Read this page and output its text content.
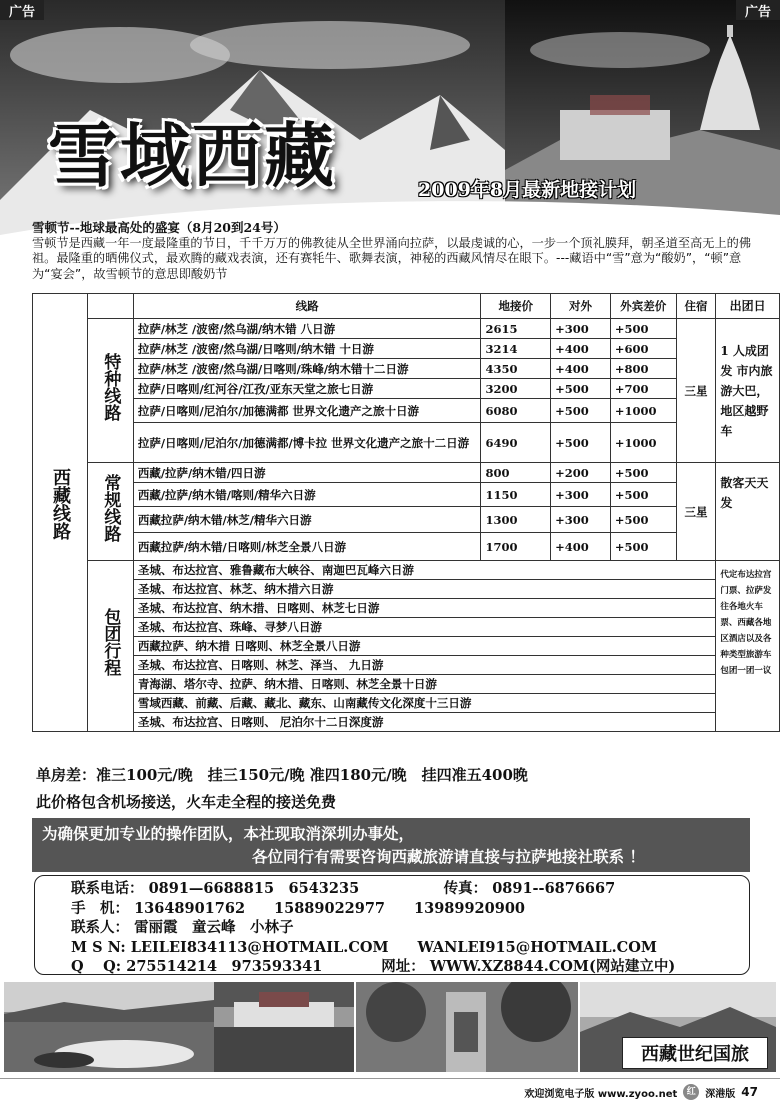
广告	广告
雪域西藏	2009年8月最新地接计划
雪顿节--地球最高处的盛宴（8月20到24号）
雪顿节是西藏一年一度最隆重的节日，千千万万的佛教徒从全世界涌向拉萨，以最虔诚的心，一步一个顶礼膜拜，朝圣道至高无上的佛祖。最隆重的晒佛仪式，最欢腾的藏戏表演，还有赛牦牛、歌舞表演，神秘的西藏风情尽在眼下。---藏语中“雪”意为“酸奶”，“顿”意为“宴会”，故雪顿节的意思即酸奶节
西藏线路		线路	地接价	对外	外宾差价	住宿	出团日
	特种线路	拉萨/林芝 /波密/然乌湖/纳木错 八日游	2615	+300	+500	三星	1 人成团发 市内旅游大巴，地区越野车
		拉萨/林芝 /波密/然乌湖/日喀则/纳木错 十日游	3214	+400	+600		
		拉萨/林芝 /波密/然乌湖/日喀则/珠峰/纳木错十二日游	4350	+400	+800		
		拉萨/日喀则/红河谷/江孜/亚东天堂之旅七日游	3200	+500	+700		
		拉萨/日喀则/尼泊尔/加德满都 世界文化遗产之旅十日游	6080	+500	+1000		
		拉萨/日喀则/尼泊尔/加德满都/博卡拉 世界文化遗产之旅十二日游	6490	+500	+1000		
	常规线路	西藏/拉萨/纳木错/四日游	800	+200	+500	三星	散客天天发
		西藏/拉萨/纳木错/喀则/精华六日游	1150	+300	+500		
		西藏拉萨/纳木错/林芝/精华六日游	1300	+300	+500		
		西藏拉萨/纳木错/日喀则/林芝全景八日游	1700	+400	+500		
	包团行程	圣城、布达拉宫、雅鲁藏布大峡谷、南迦巴瓦峰六日游					代定布达拉宫门票、拉萨发往各地火车票、西藏各地区酒店以及各种类型旅游车包团一团一议
		圣城、布达拉宫、林芝、纳木措六日游					
		圣城、布达拉宫、纳木措、日喀则、林芝七日游					
		圣城、布达拉宫、珠峰、寻梦八日游					
		西藏拉萨、纳木措 日喀则、林芝全景八日游					
		圣城、布达拉宫、日喀则、林芝、泽当、 九日游					
		青海湖、塔尔寺、拉萨、纳木措、日喀则、林芝全景十日游					
		雪域西藏、前藏、后藏、藏北、藏东、山南藏传文化深度十三日游					
		圣城、布达拉宫、日喀则、 尼泊尔十二日深度游					
单房差：准三100元/晚　挂三150元/晚 准四180元/晚　挂四准五400晚
此价格包含机场接送，火车走全程的接送免费
为确保更加专业的操作团队，本社现取消深圳办事处，
各位同行有需要咨询西藏旅游请直接与拉萨地接社联系 ！
联系电话： 0891—6688815　6543235	传真： 0891--6876667
手　机： 13648901762　　15889022977　　13989920900
联系人： 雷丽霞　童云峰　小林子
M S N: LEILEI834113@HOTMAIL.COM　　WANLEI915@HOTMAIL.COM
Q　 Q: 275514214　973593341	网址： WWW.XZ8844.COM(网站建立中)
西藏世纪国旅
欢迎浏览电子版 www.zyoo.net	红 深港版 47
